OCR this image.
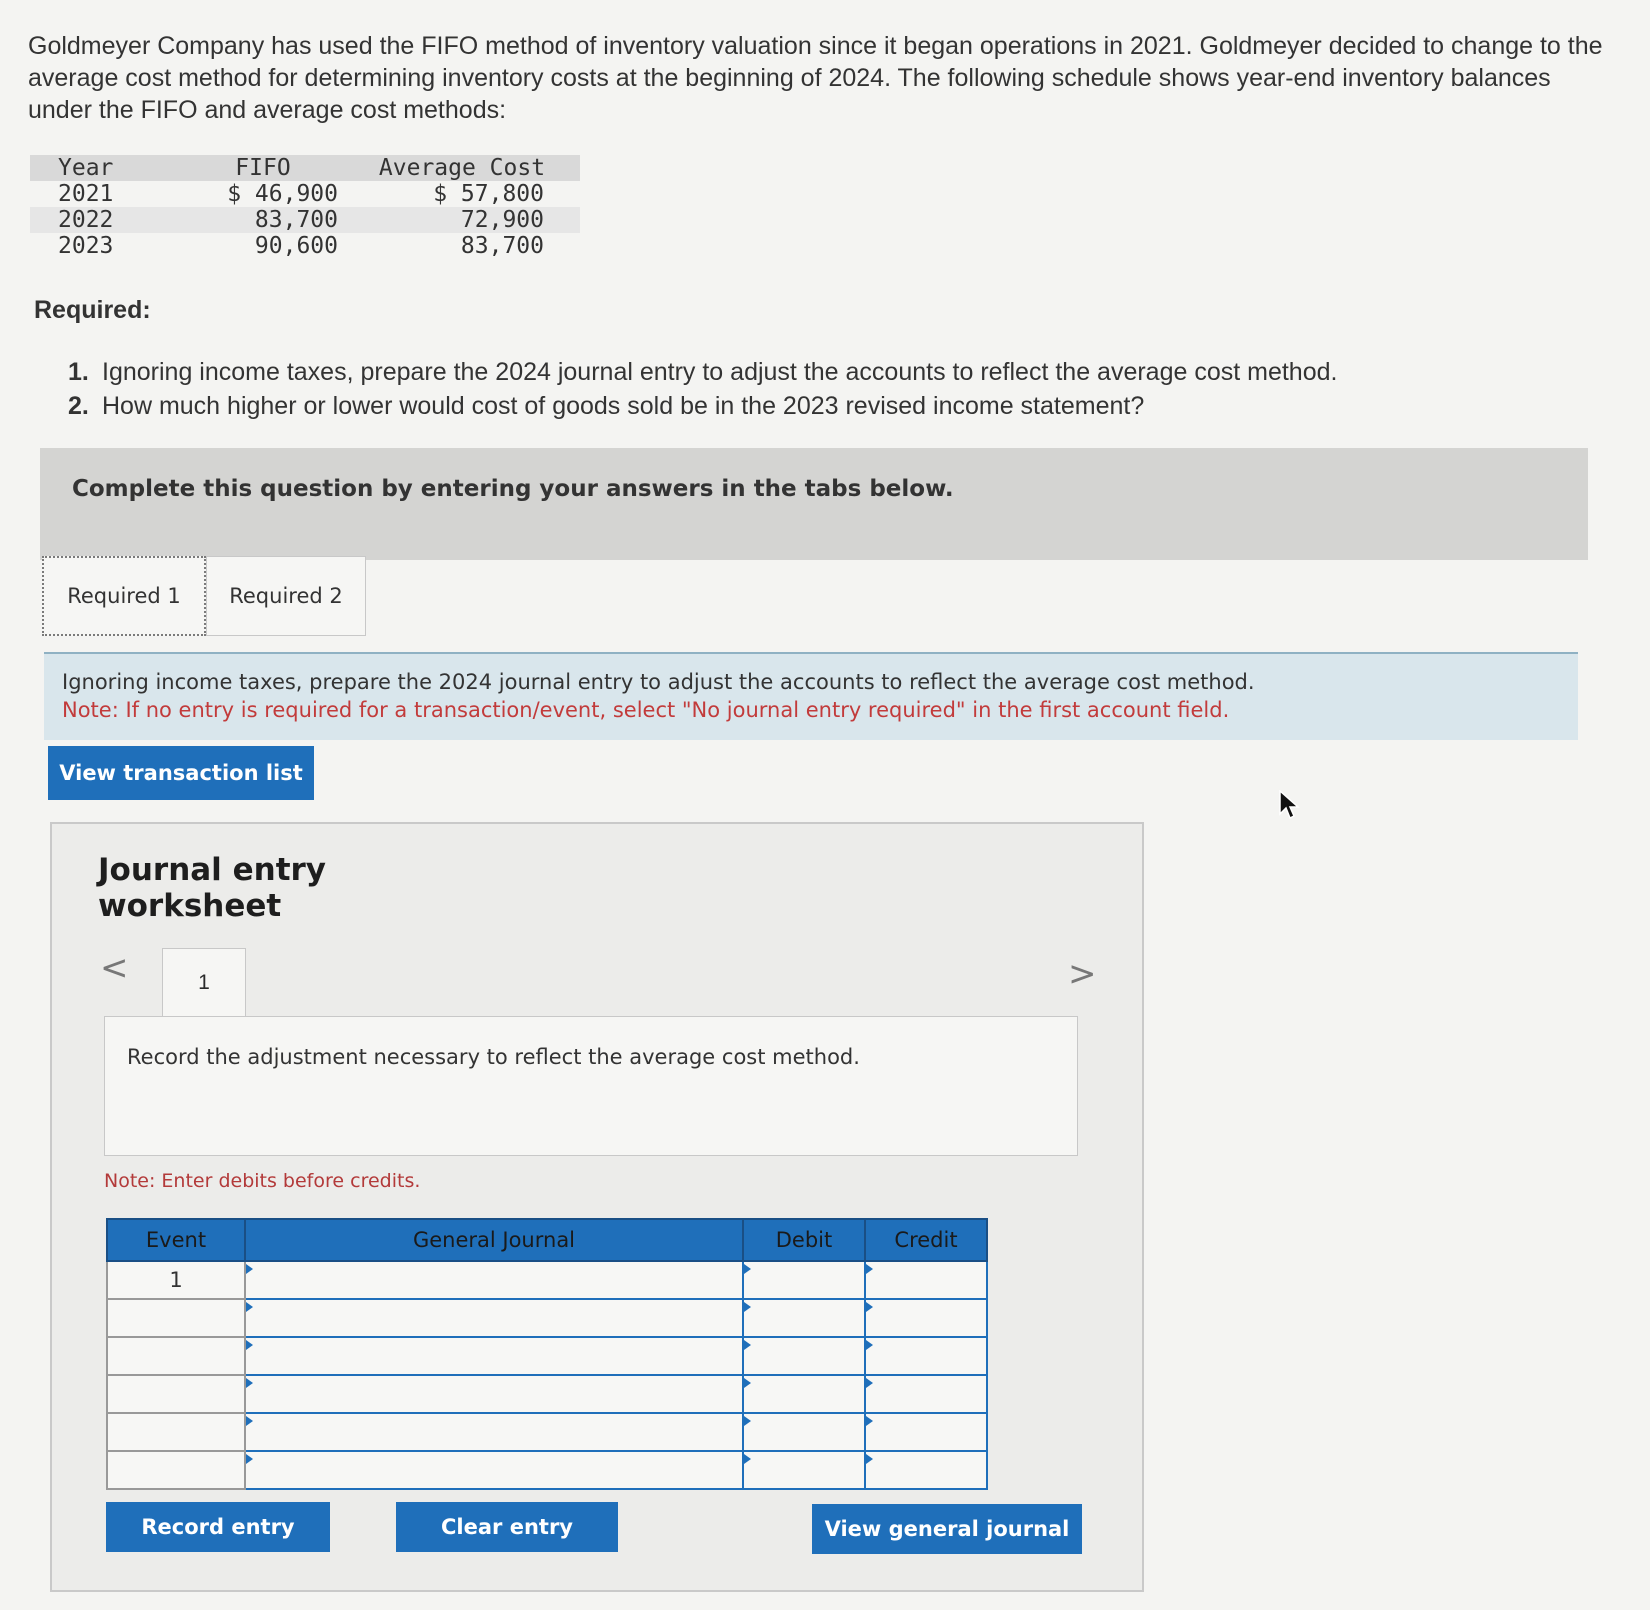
Goldmeyer Company has used the FIFO method of inventory valuation since it began operations in 2021. Goldmeyer decided to change to the average cost method for determining inventory costs at the beginning of 2024. The following schedule shows year-end inventory balances under the FIFO and average cost methods:
Year	FIFO	Average Cost
2021	$ 46,900	$ 57,800
2022	83,700	72,900
2023	90,600	83,700
Required:
1. Ignoring income taxes, prepare the 2024 journal entry to adjust the accounts to reflect the average cost method.
2. How much higher or lower would cost of goods sold be in the 2023 revised income statement?
Complete this question by entering your answers in the tabs below.
Required 1	Required 2
Ignoring income taxes, prepare the 2024 journal entry to adjust the accounts to reflect the average cost method.
Note: If no entry is required for a transaction/event, select "No journal entry required" in the first account field.
View transaction list
Journal entry worksheet
<	1	>
Record the adjustment necessary to reflect the average cost method.
Note: Enter debits before credits.
Event	General Journal	Debit	Credit
1			

Record entry	Clear entry	View general journal
